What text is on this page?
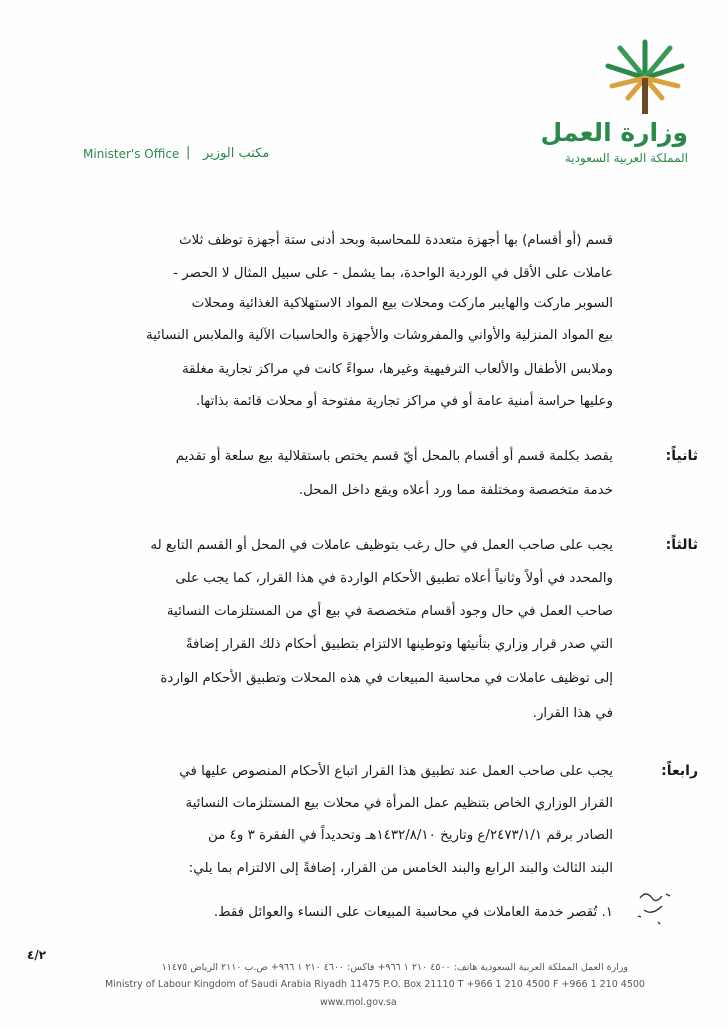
وزارة العمل
المملكة العربية السعودية
Minister's Office | مكتب الوزير
قسم (أو أقسام) بها أجهزة متعددة للمحاسبة وبحد أدنى ستة أجهزة توظف ثلاث
عاملات على الأقل في الوردية الواحدة، بما يشمل - على سبيل المثال لا الحصر -
السوبر ماركت والهايبر ماركت ومحلات بيع المواد الاستهلاكية الغذائية ومحلات
بيع المواد المنزلية والأواني والمفروشات والأجهزة والحاسبات الآلية والملابس النسائية
وملابس الأطفال والألعاب الترفيهية وغيرها، سواءً كانت في مراكز تجارية مغلقة
وعليها حراسة أمنية عامة أو في مراكز تجارية مفتوحة أو محلات قائمة بذاتها.
ثانياً:
يقصد بكلمة قسم أو أقسام بالمحل أيّ قسم يختص باستقلالية بيع سلعة أو تقديم
خدمة متخصصة ومختلفة مما ورد أعلاه ويقع داخل المحل.
ثالثاً:
يجب على صاحب العمل في حال رغب بتوظيف عاملات في المحل أو القسم التابع له
والمحدد في أولاً وثانياً أعلاه تطبيق الأحكام الواردة في هذا القرار، كما يجب على
صاحب العمل في حال وجود أقسام متخصصة في بيع أي من المستلزمات النسائية
التي صدر قرار وزاري بتأنيثها وتوطينها الالتزام بتطبيق أحكام ذلك القرار إضافةً
إلى توظيف عاملات في محاسبة المبيعات في هذه المحلات وتطبيق الأحكام الواردة
في هذا القرار.
رابعاً:
يجب على صاحب العمل عند تطبيق هذا القرار اتباع الأحكام المنصوص عليها في
القرار الوزاري الخاص بتنظيم عمل المرأة في محلات بيع المستلزمات النسائية
الصادر برقم ٢٤٧٣/١/١/ع وتاريخ ١٤٣٢/٨/١٠هـ وتحديداً في الفقرة ٣ و٤ من
البند الثالث والبند الرابع والبند الخامس من القرار، إضافةً إلى الالتزام بما يلي:
١. تُقصر خدمة العاملات في محاسبة المبيعات على النساء والعوائل فقط.
٤/٢
وزارة العمل المملكة العربية السعودية هاتف: ٤٥٠٠ ٢١٠ ١ ٩٦٦+ فاكس: ٤٦٠٠ ٢١٠ ١ ٩٦٦+ ص.ب ٢١١٠ الرياض ١١٤٧٥
Ministry of Labour Kingdom of Saudi Arabia Riyadh 11475 P.O. Box 21110 T +966 1 210 4500 F +966 1 210 4500
www.mol.gov.sa
